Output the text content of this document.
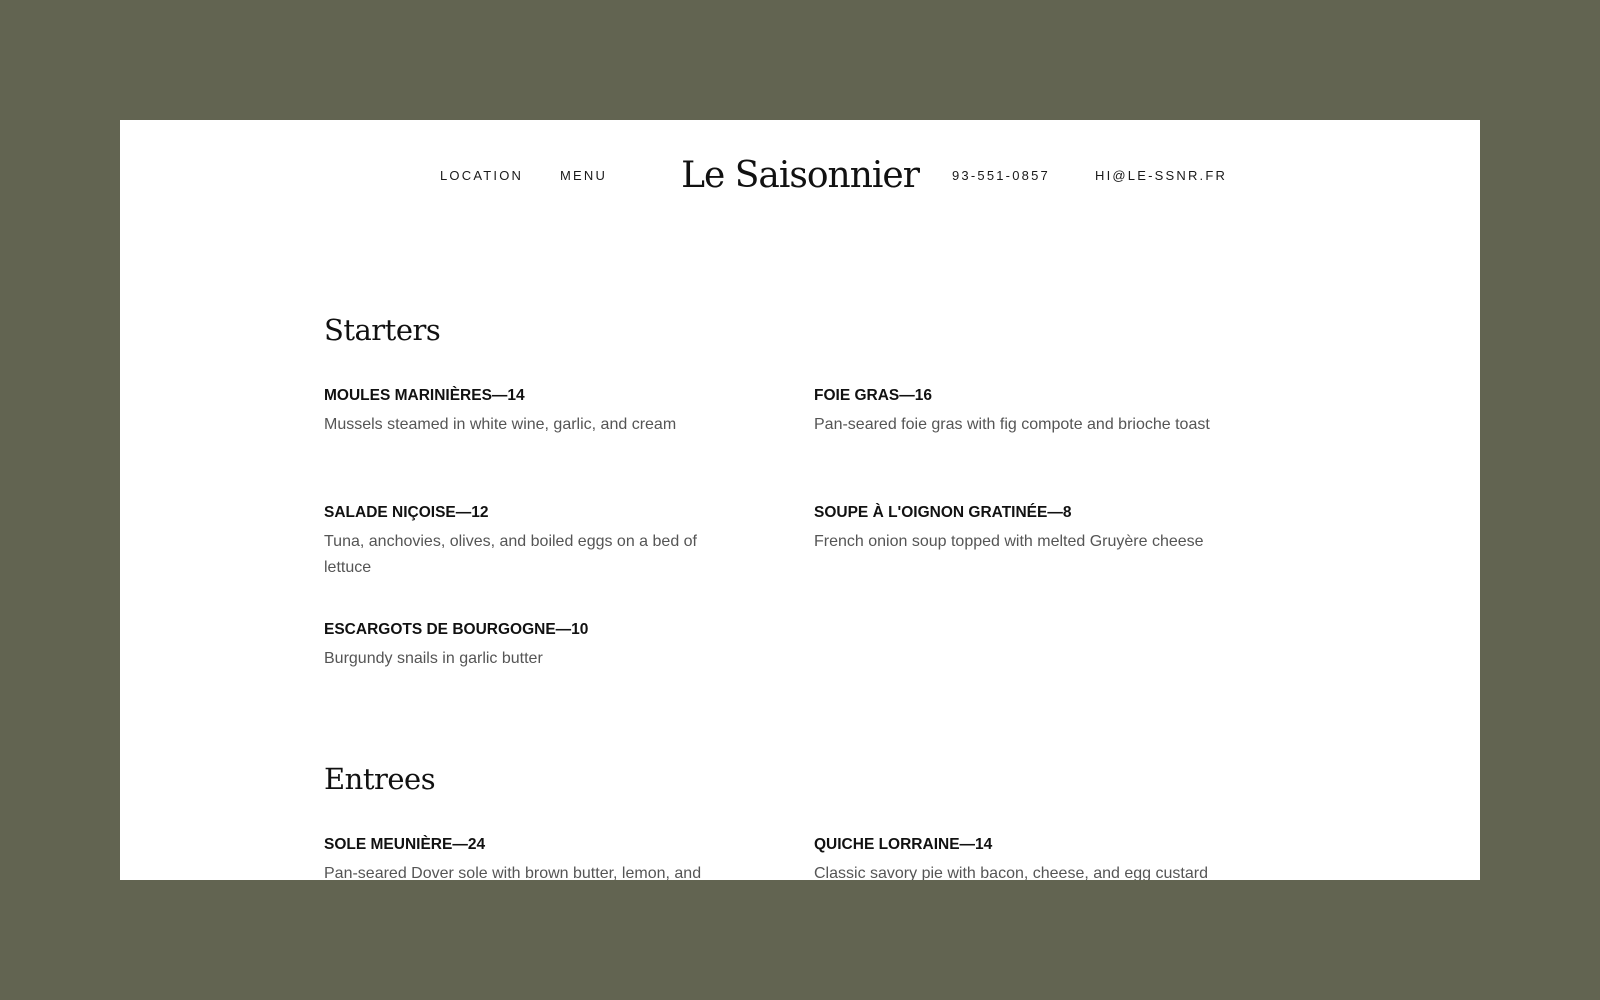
LOCATION	MENU	Le Saisonnier	93-551-0857	HI@LE-SSNR.FR
Starters
MOULES MARINIÈRES—14
Mussels steamed in white wine, garlic, and cream
FOIE GRAS—16
Pan-seared foie gras with fig compote and brioche toast
SALADE NIÇOISE—12
Tuna, anchovies, olives, and boiled eggs on a bed of lettuce
SOUPE À L'OIGNON GRATINÉE—8
French onion soup topped with melted Gruyère cheese
ESCARGOTS DE BOURGOGNE—10
Burgundy snails in garlic butter
Entrees
SOLE MEUNIÈRE—24
Pan-seared Dover sole with brown butter, lemon, and
QUICHE LORRAINE—14
Classic savory pie with bacon, cheese, and egg custard
